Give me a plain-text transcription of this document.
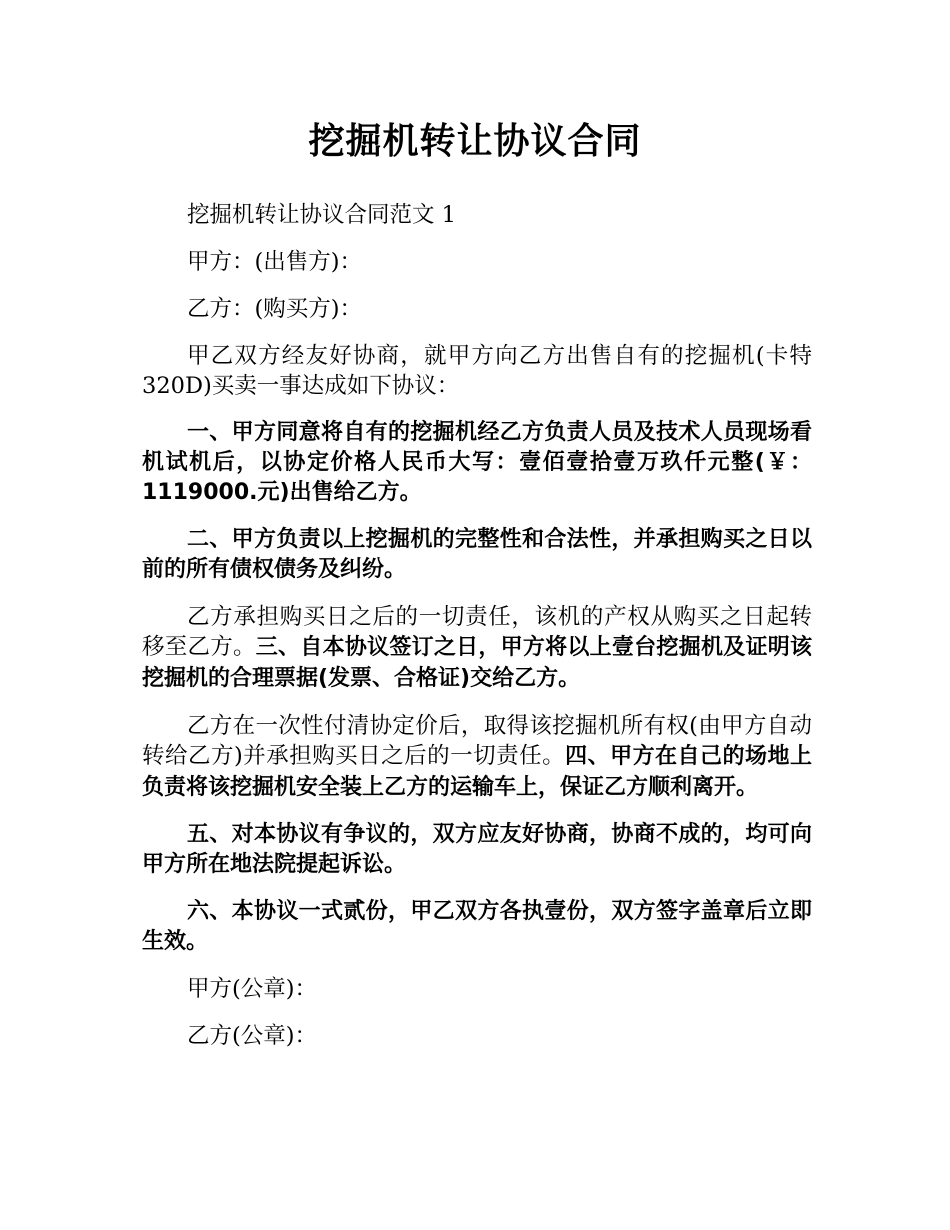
挖掘机转让协议合同

挖掘机转让协议合同范文 1

甲方：(出售方)：

乙方：(购买方)：

甲乙双方经友好协商，就甲方向乙方出售自有的挖掘机(卡特 320D)买卖一事达成如下协议：

一、甲方同意将自有的挖掘机经乙方负责人员及技术人员现场看机试机后，以协定价格人民币大写：壹佰壹拾壹万玖仟元整(￥：1119000.元)出售给乙方。

二、甲方负责以上挖掘机的完整性和合法性，并承担购买之日以前的所有债权债务及纠纷。

乙方承担购买日之后的一切责任，该机的产权从购买之日起转移至乙方。三、自本协议签订之日，甲方将以上壹台挖掘机及证明该挖掘机的合理票据(发票、合格证)交给乙方。

乙方在一次性付清协定价后，取得该挖掘机所有权(由甲方自动转给乙方)并承担购买日之后的一切责任。四、甲方在自己的场地上负责将该挖掘机安全装上乙方的运输车上，保证乙方顺利离开。

五、对本协议有争议的，双方应友好协商，协商不成的，均可向甲方所在地法院提起诉讼。

六、本协议一式贰份，甲乙双方各执壹份，双方签字盖章后立即生效。

甲方(公章)：

乙方(公章)：
